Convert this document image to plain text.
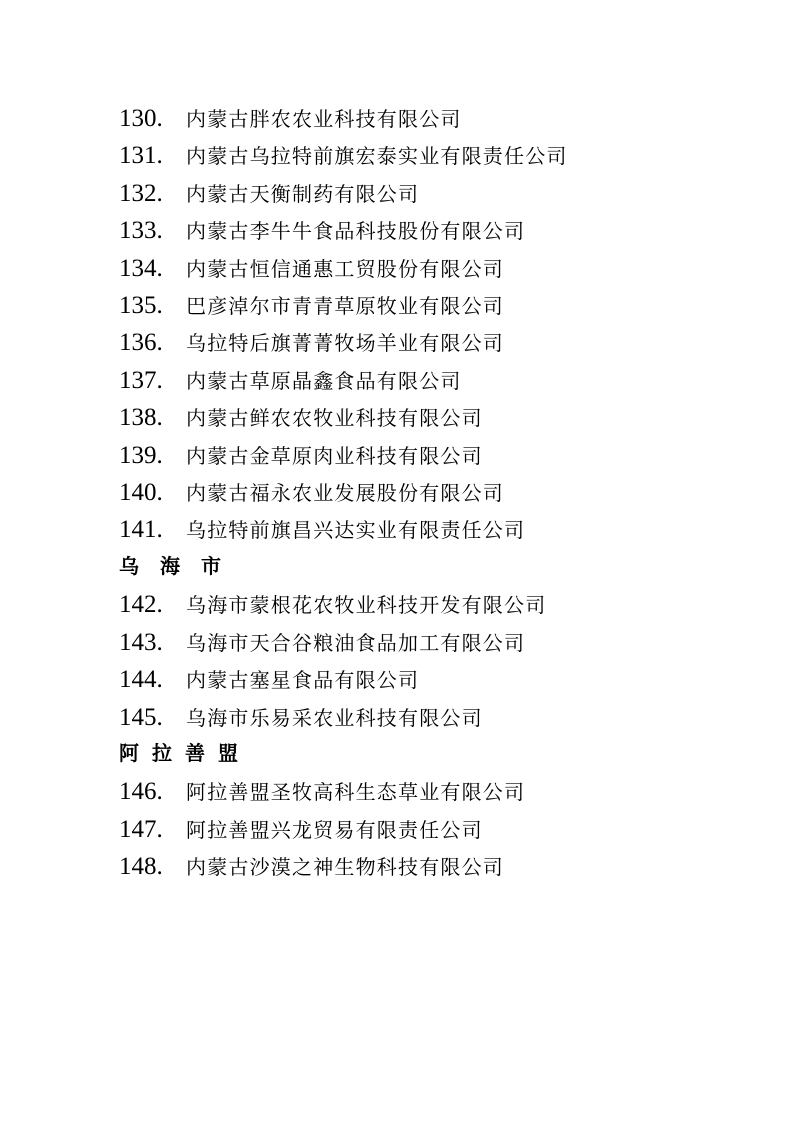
130.	内蒙古胖农农业科技有限公司
131.	内蒙古乌拉特前旗宏泰实业有限责任公司
132.	内蒙古天衡制药有限公司
133.	内蒙古李牛牛食品科技股份有限公司
134.	内蒙古恒信通惠工贸股份有限公司
135.	巴彦淖尔市青青草原牧业有限公司
136.	乌拉特后旗菁菁牧场羊业有限公司
137.	内蒙古草原晶鑫食品有限公司
138.	内蒙古鲜农农牧业科技有限公司
139.	内蒙古金草原肉业科技有限公司
140.	内蒙古福永农业发展股份有限公司
141.	乌拉特前旗昌兴达实业有限责任公司
乌海市
142.	乌海市蒙根花农牧业科技开发有限公司
143.	乌海市天合谷粮油食品加工有限公司
144.	内蒙古塞星食品有限公司
145.	乌海市乐易采农业科技有限公司
阿拉善盟
146.	阿拉善盟圣牧高科生态草业有限公司
147.	阿拉善盟兴龙贸易有限责任公司
148.	内蒙古沙漠之神生物科技有限公司
